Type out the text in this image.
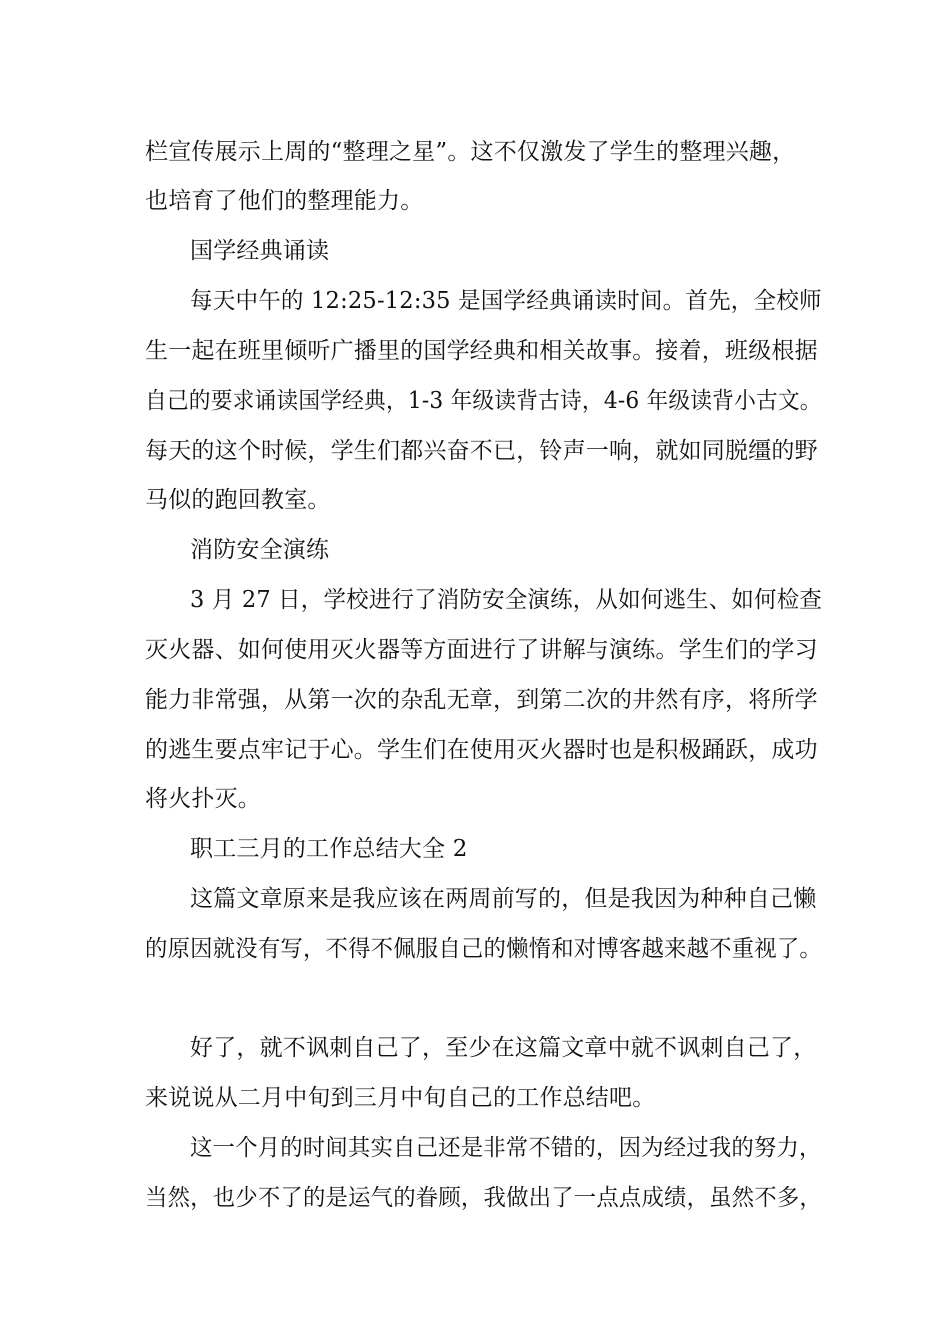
栏宣传展示上周的“整理之星”。这不仅激发了学生的整理兴趣，
也培育了他们的整理能力。
国学经典诵读
每天中午的 12:25-12:35 是国学经典诵读时间。首先，全校师
生一起在班里倾听广播里的国学经典和相关故事。接着，班级根据
自己的要求诵读国学经典，1-3 年级读背古诗，4-6 年级读背小古文。
每天的这个时候，学生们都兴奋不已，铃声一响，就如同脱缰的野
马似的跑回教室。
消防安全演练
3 月 27 日，学校进行了消防安全演练，从如何逃生、如何检查
灭火器、如何使用灭火器等方面进行了讲解与演练。学生们的学习
能力非常强，从第一次的杂乱无章，到第二次的井然有序，将所学
的逃生要点牢记于心。学生们在使用灭火器时也是积极踊跃，成功
将火扑灭。
职工三月的工作总结大全 2
这篇文章原来是我应该在两周前写的，但是我因为种种自己懒
的原因就没有写，不得不佩服自己的懒惰和对博客越来越不重视了。
好了，就不讽刺自己了，至少在这篇文章中就不讽刺自己了，
来说说从二月中旬到三月中旬自己的工作总结吧。
这一个月的时间其实自己还是非常不错的，因为经过我的努力，
当然，也少不了的是运气的眷顾，我做出了一点点成绩，虽然不多，
